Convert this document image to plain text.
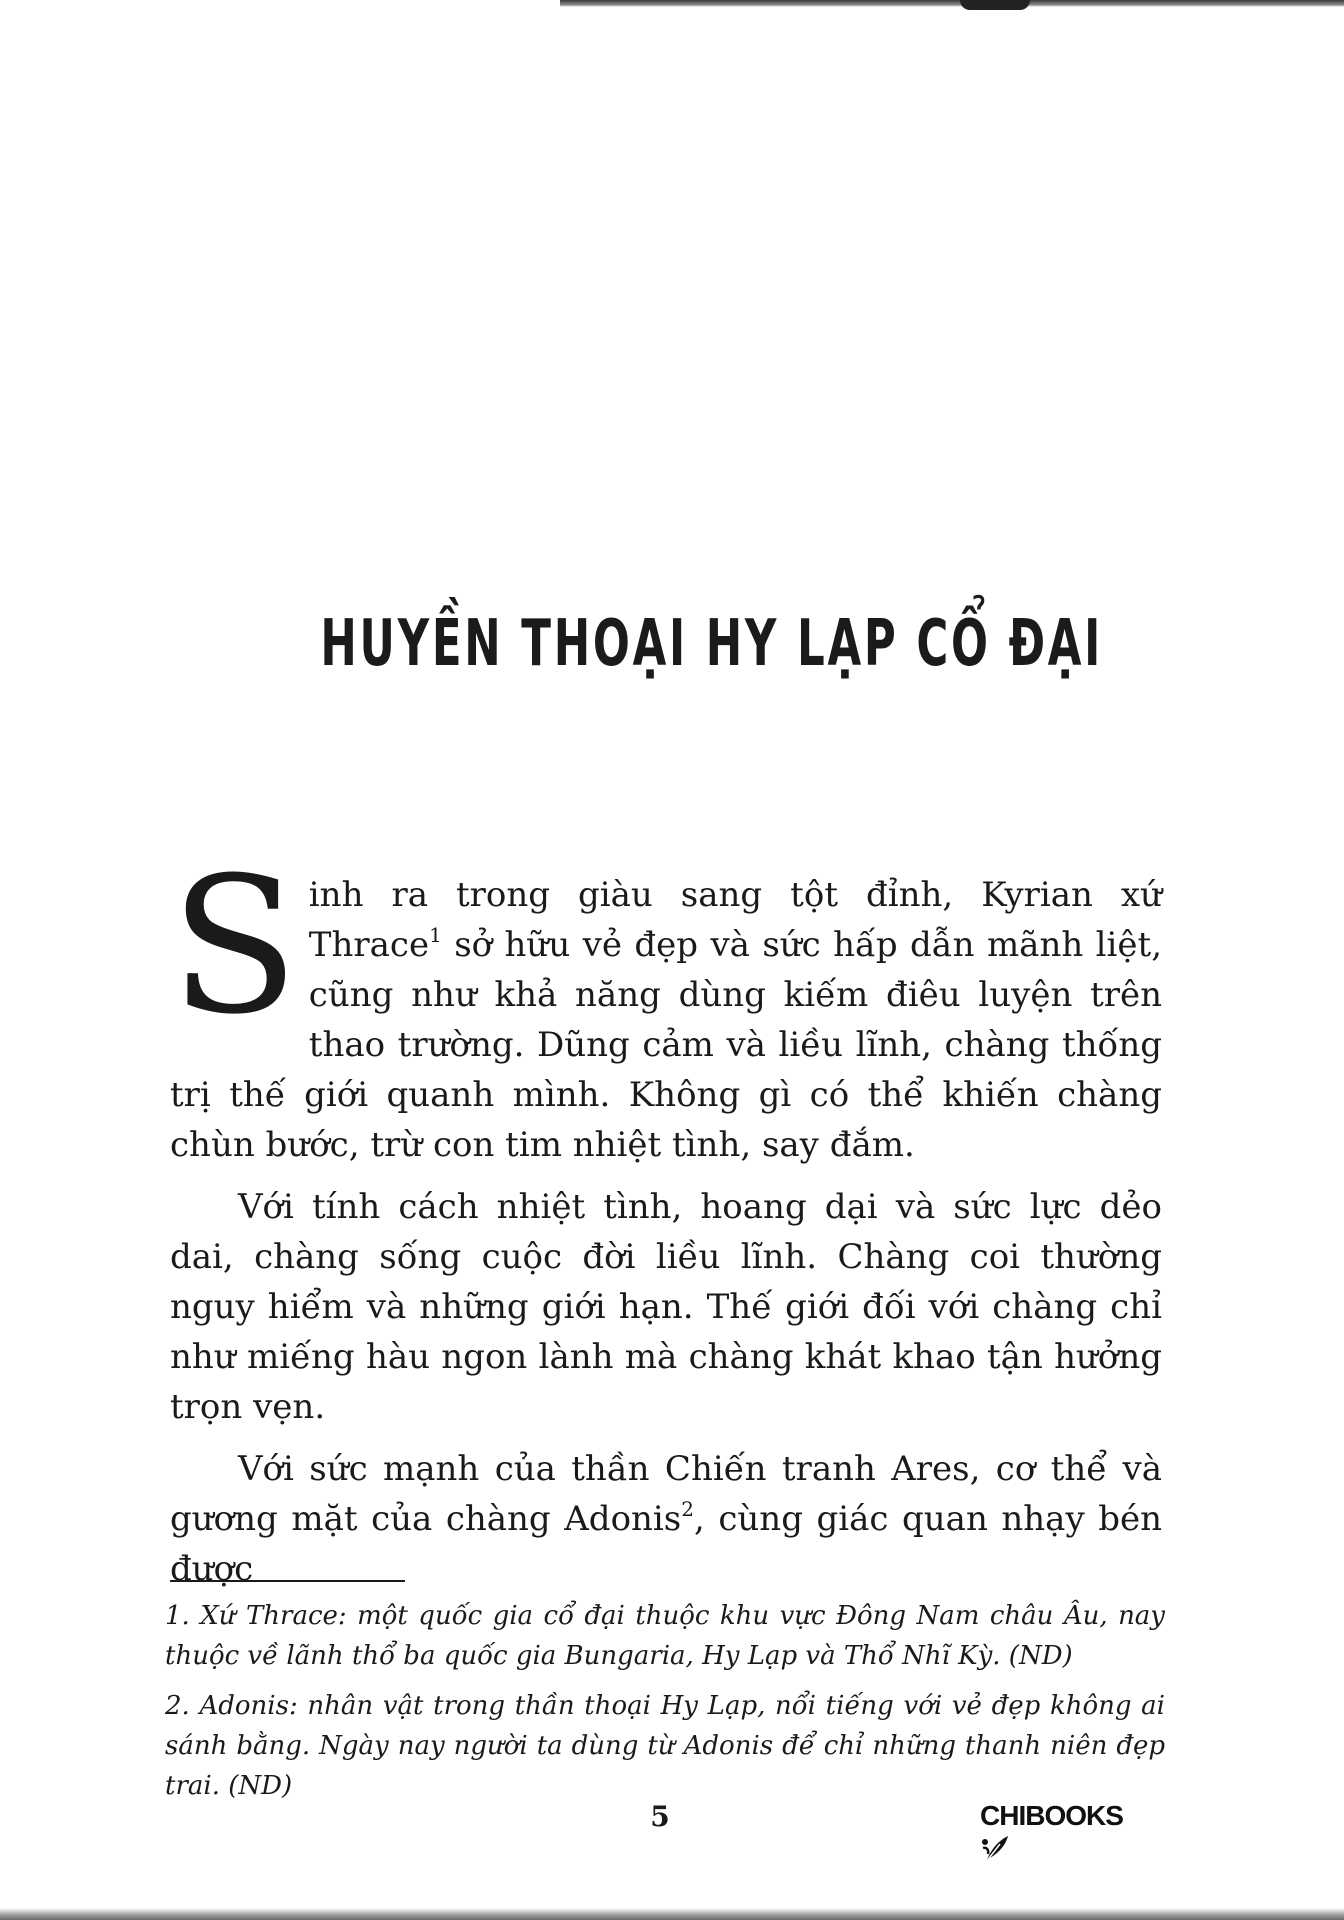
HUYỀN THOẠI HY LẠP CỔ ĐẠI

Sinh ra trong giàu sang tột đỉnh, Kyrian xứ Thrace$^1$ sở hữu vẻ đẹp và sức hấp dẫn mãnh liệt, cũng như khả năng dùng kiếm điêu luyện trên thao trường. Dũng cảm và liều lĩnh, chàng thống trị thế giới quanh mình. Không gì có thể khiến chàng chùn bước, trừ con tim nhiệt tình, say đắm.

Với tính cách nhiệt tình, hoang dại và sức lực dẻo dai, chàng sống cuộc đời liều lĩnh. Chàng coi thường nguy hiểm và những giới hạn. Thế giới đối với chàng chỉ như miếng hàu ngon lành mà chàng khát khao tận hưởng trọn vẹn.

Với sức mạnh của thần Chiến tranh Ares, cơ thể và gương mặt của chàng Adonis$^2$, cùng giác quan nhạy bén được

1. Xứ Thrace: một quốc gia cổ đại thuộc khu vực Đông Nam châu Âu, nay thuộc về lãnh thổ ba quốc gia Bungaria, Hy Lạp và Thổ Nhĩ Kỳ. (ND)

2. Adonis: nhân vật trong thần thoại Hy Lạp, nổi tiếng với vẻ đẹp không ai sánh bằng. Ngày nay người ta dùng từ Adonis để chỉ những thanh niên đẹp trai. (ND)

5	CHIBOOKS
